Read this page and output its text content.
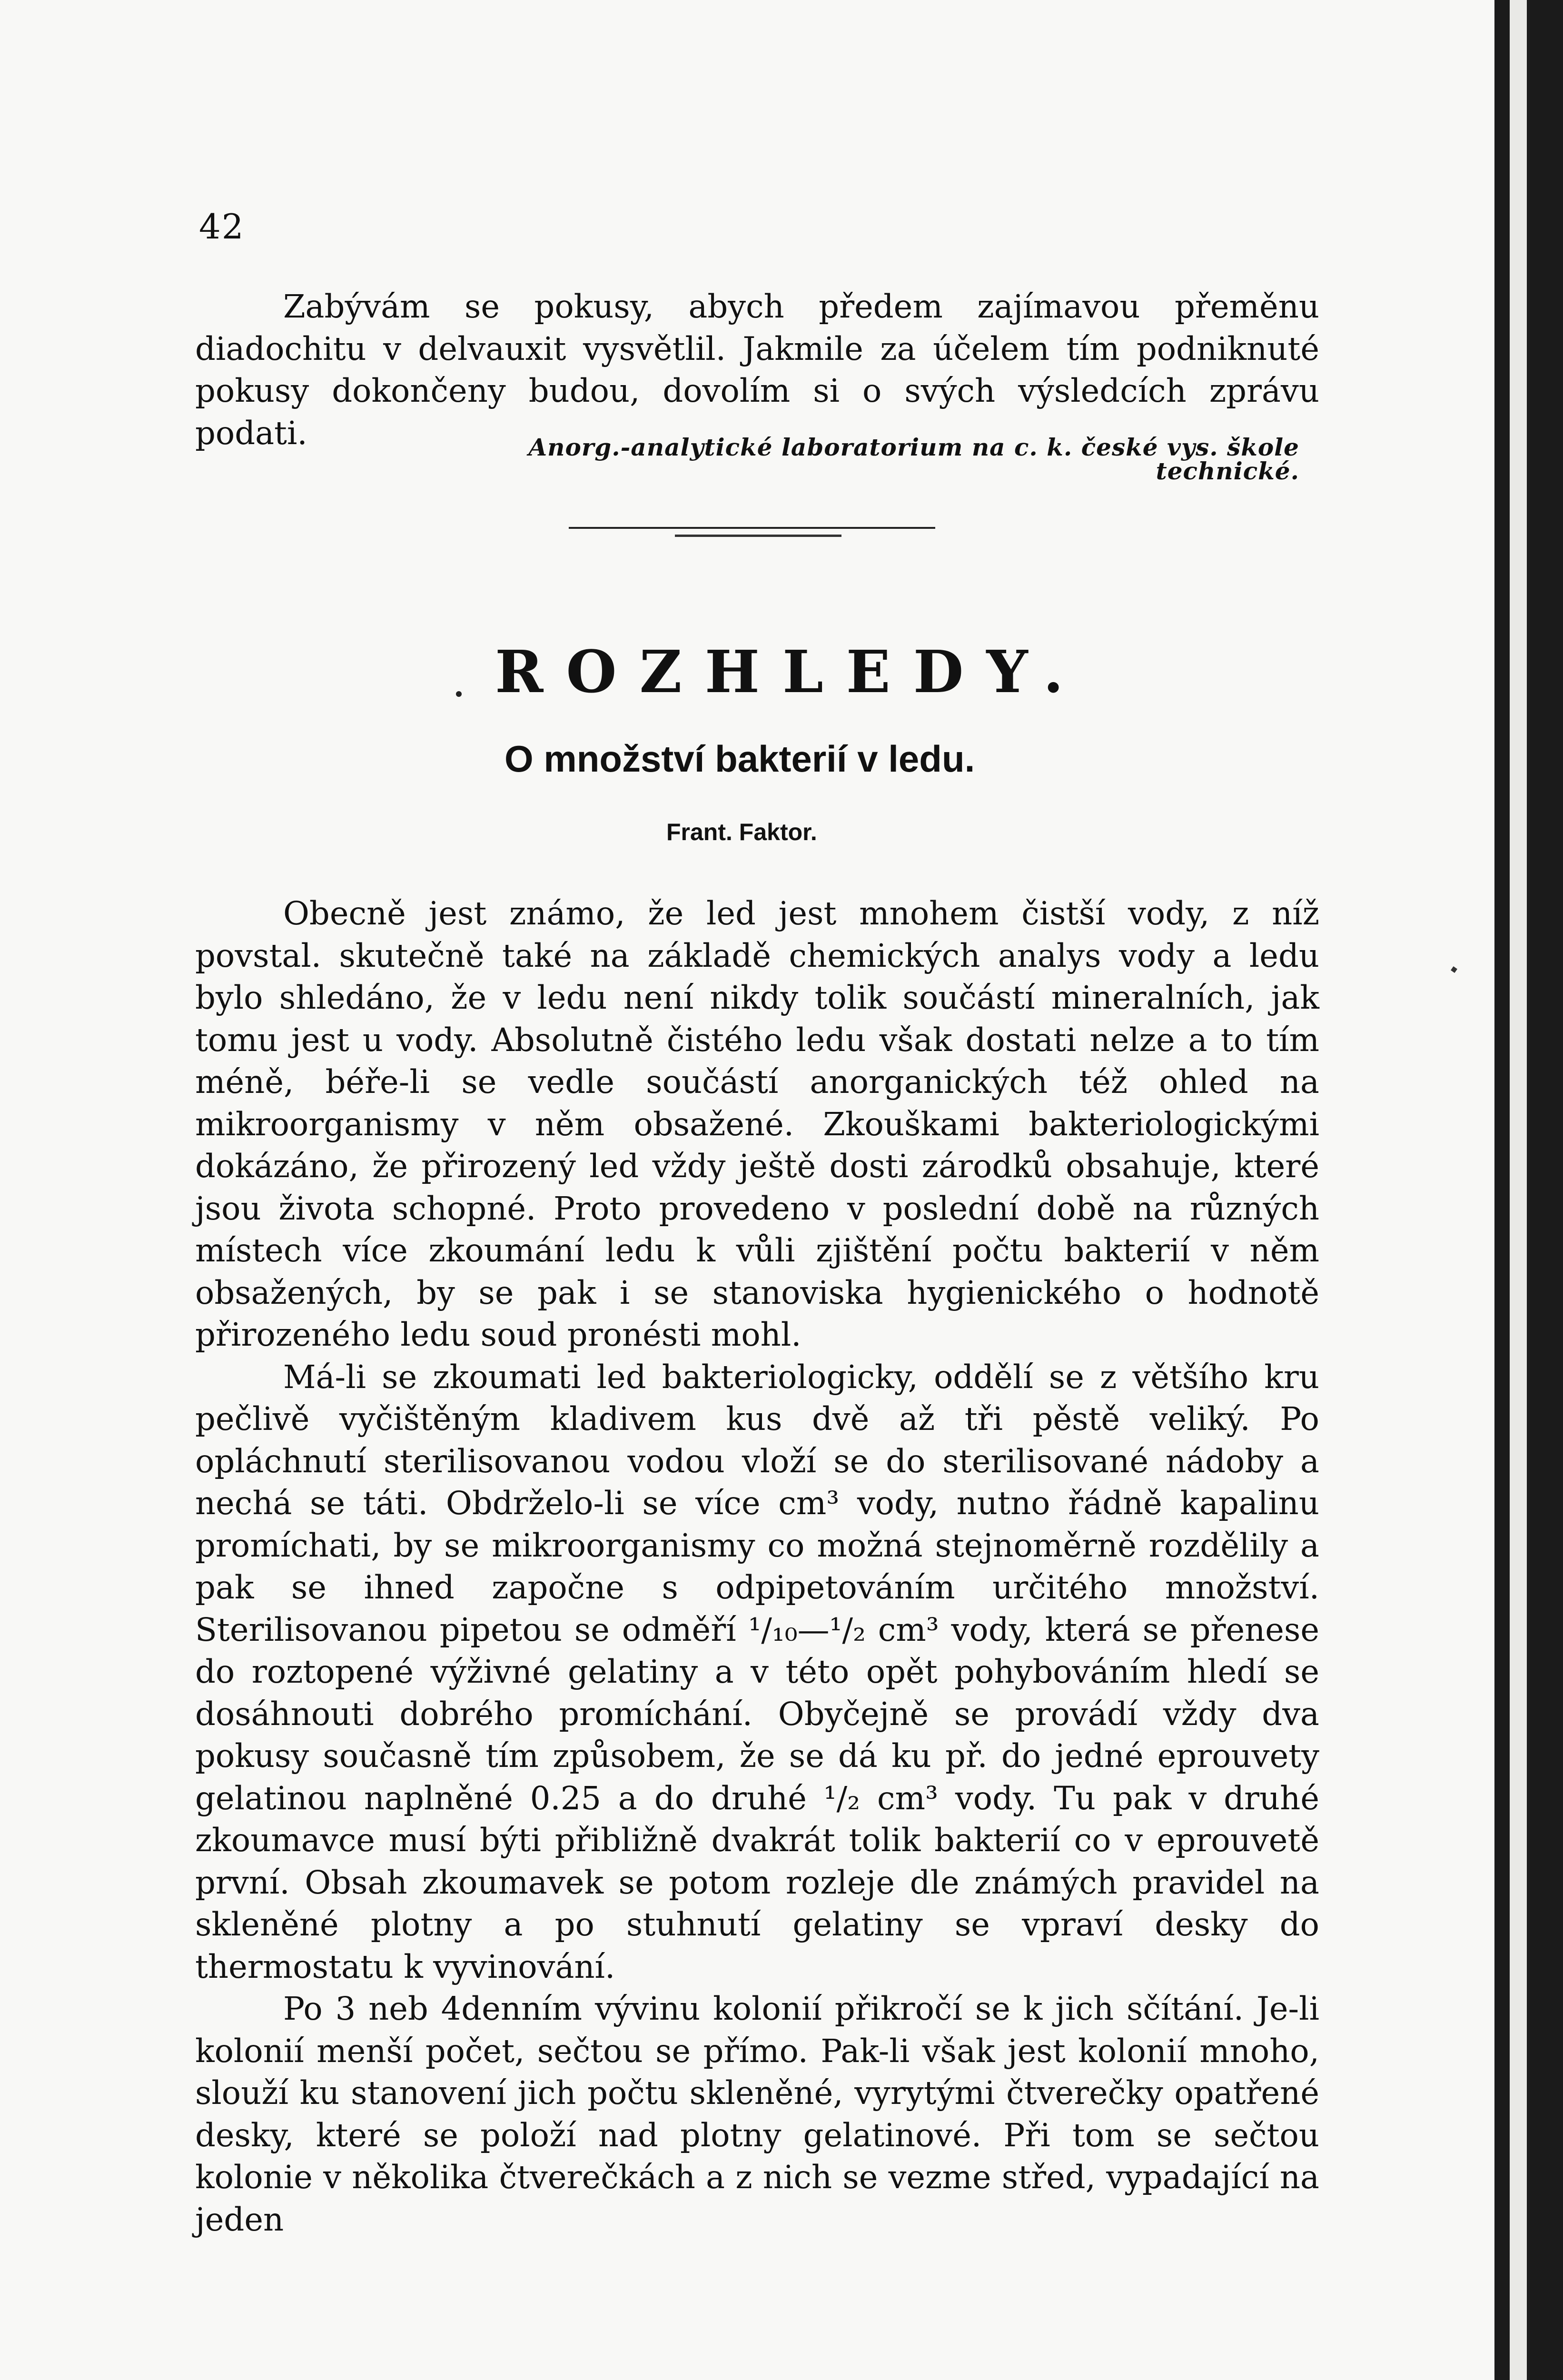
42

Zabývám se pokusy, abych předem zajímavou přeměnu diadochitu v delvauxit vysvětlil. Jakmile za účelem tím podniknuté pokusy dokončeny budou, dovolím si o svých výsledcích zprávu podati.	Anorg.-analytické laboratorium na c. k. české vys. škole technické.
ROZHLEDY.
O množství bakterií v ledu.
Frant. Faktor.

Obecně jest známo, že led jest mnohem čistší vody, z níž povstal. skutečně také na základě chemických analys vody a ledu bylo shledáno, že v ledu není nikdy tolik součástí mineralních, jak tomu jest u vody. Absolutně čistého ledu však dostati nelze a to tím méně, béře-li se vedle součástí anorganických též ohled na mikroorganismy v něm obsažené. Zkouškami bakteriologickými dokázáno, že přirozený led vždy ještě dosti zárodků obsahuje, které jsou života schopné. Proto provedeno v poslední době na různých místech více zkoumání ledu k vůli zjištění počtu bakterií v něm obsažených, by se pak i se stanoviska hygienického o hodnotě přirozeného ledu soud pronésti mohl.

Má-li se zkoumati led bakteriologicky, oddělí se z většího kru pečlivě vyčištěným kladivem kus dvě až tři pěstě veliký. Po opláchnutí sterilisovanou vodou vloží se do sterilisované nádoby a nechá se táti. Obdrželo-li se více cm³ vody, nutno řádně kapalinu promíchati, by se mikroorganismy co možná stejnoměrně rozdělily a pak se ihned započne s odpipetováním určitého množství. Sterilisovanou pipetou se odměří ¹/₁₀—¹/₂ cm³ vody, která se přenese do roztopené výživné gelatiny a v této opět pohybováním hledí se dosáhnouti dobrého promíchání. Obyčejně se provádí vždy dva pokusy současně tím způsobem, že se dá ku př. do jedné eprouvety gelatinou naplněné 0.25 a do druhé ¹/₂ cm³ vody. Tu pak v druhé zkoumavce musí býti přibližně dvakrát tolik bakterií co v eprouvetě první. Obsah zkoumavek se potom rozleje dle známých pravidel na skleněné plotny a po stuhnutí gelatiny se vpraví desky do thermostatu k vyvinování.

Po 3 neb 4denním vývinu kolonií přikročí se k jich sčítání. Je-li kolonií menší počet, sečtou se přímo. Pak-li však jest kolonií mnoho, slouží ku stanovení jich počtu skleněné, vyrytými čtverečky opatřené desky, které se položí nad plotny gelatinové. Při tom se sečtou kolonie v několika čtverečkách a z nich se vezme střed, vypadající na jeden
